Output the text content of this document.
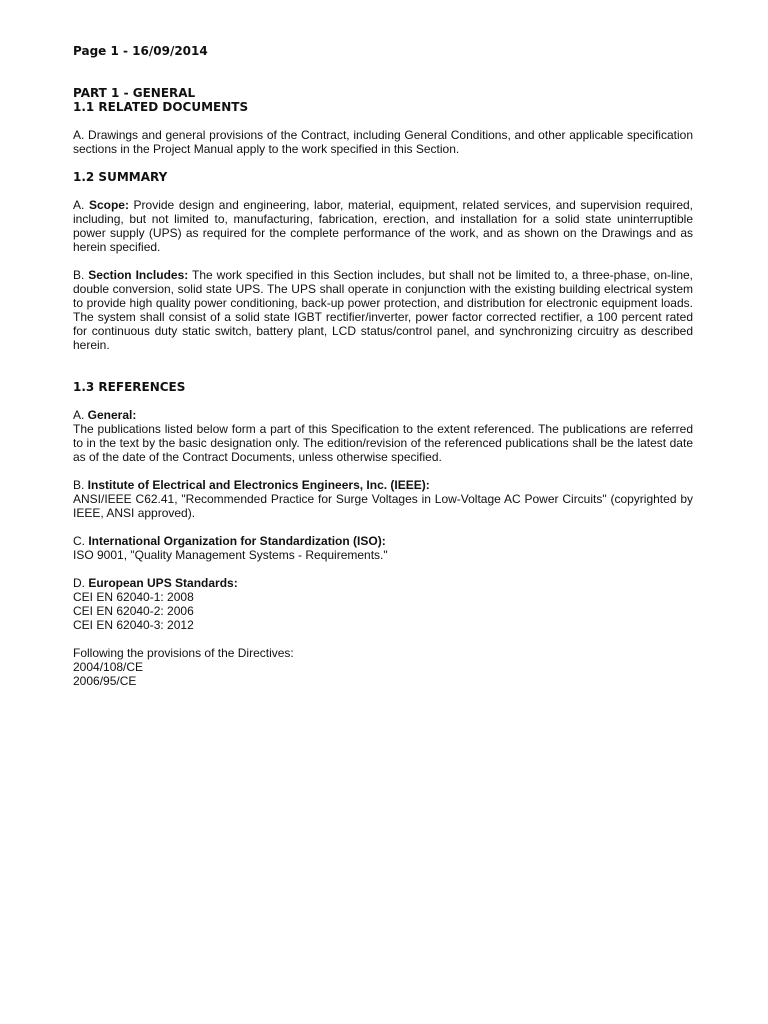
Page 1 - 16/09/2014
PART 1 - GENERAL
1.1 RELATED DOCUMENTS

A. Drawings and general provisions of the Contract, including General Conditions, and other applicable specification sections in the Project Manual apply to the work specified in this Section.

1.2 SUMMARY

A. Scope: Provide design and engineering, labor, material, equipment, related services, and supervision required, including, but not limited to, manufacturing, fabrication, erection, and installation for a solid state uninterruptible power supply (UPS) as required for the complete performance of the work, and as shown on the Drawings and as herein specified.

B. Section Includes: The work specified in this Section includes, but shall not be limited to, a three-phase, on-line, double conversion, solid state UPS. The UPS shall operate in conjunction with the existing building electrical system to provide high quality power conditioning, back-up power protection, and distribution for electronic equipment loads. The system shall consist of a solid state IGBT rectifier/inverter, power factor corrected rectifier, a 100 percent rated for continuous duty static switch, battery plant, LCD status/control panel, and synchronizing circuitry as described herein.

1.3 REFERENCES
A. General:

The publications listed below form a part of this Specification to the extent referenced. The publications are referred to in the text by the basic designation only. The edition/revision of the referenced publications shall be the latest date as of the date of the Contract Documents, unless otherwise specified.

B. Institute of Electrical and Electronics Engineers, Inc. (IEEE):

ANSI/IEEE C62.41, "Recommended Practice for Surge Voltages in Low-Voltage AC Power Circuits" (copyrighted by IEEE, ANSI approved).

C. International Organization for Standardization (ISO):
ISO 9001, "Quality Management Systems - Requirements."
D. European UPS Standards:
CEI EN 62040-1: 2008
CEI EN 62040-2: 2006
CEI EN 62040-3: 2012
Following the provisions of the Directives:
2004/108/CE
2006/95/CE
